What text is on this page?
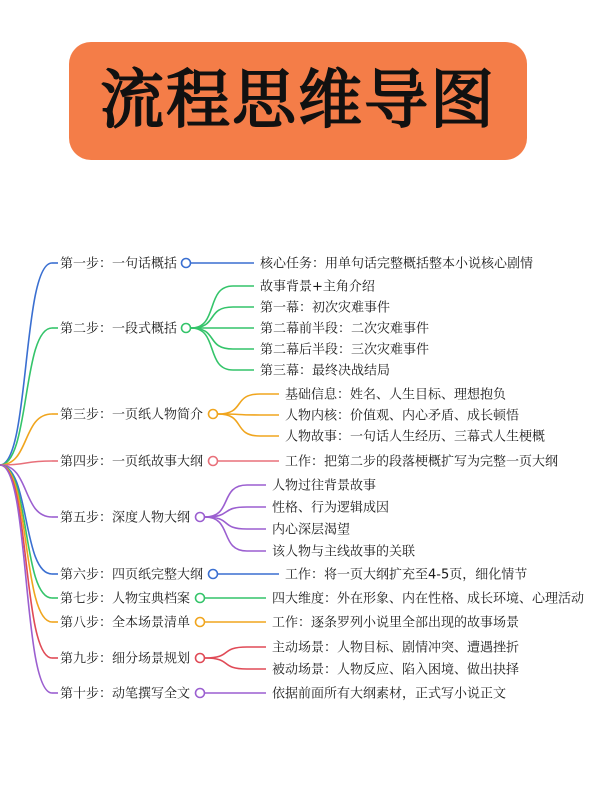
流程思维导图
第一步：一句话概括	核心任务：用单句话完整概括整本小说核心剧情
第二步：一段式概括
故事背景+主角介绍
第一幕：初次灾难事件
第二幕前半段：二次灾难事件
第二幕后半段：三次灾难事件
第三幕：最终决战结局
第三步：一页纸人物简介
基础信息：姓名、人生目标、理想抱负
人物内核：价值观、内心矛盾、成长顿悟
人物故事：一句话人生经历、三幕式人生梗概
第四步：一页纸故事大纲	工作：把第二步的段落梗概扩写为完整一页大纲
第五步：深度人物大纲
人物过往背景故事
性格、行为逻辑成因
内心深层渴望
该人物与主线故事的关联
第六步：四页纸完整大纲	工作：将一页大纲扩充至4-5页，细化情节
第七步：人物宝典档案	四大维度：外在形象、内在性格、成长环境、心理活动
第八步：全本场景清单	工作：逐条罗列小说里全部出现的故事场景
第九步：细分场景规划
主动场景：人物目标、剧情冲突、遭遇挫折
被动场景：人物反应、陷入困境、做出抉择
第十步：动笔撰写全文	依据前面所有大纲素材，正式写小说正文
